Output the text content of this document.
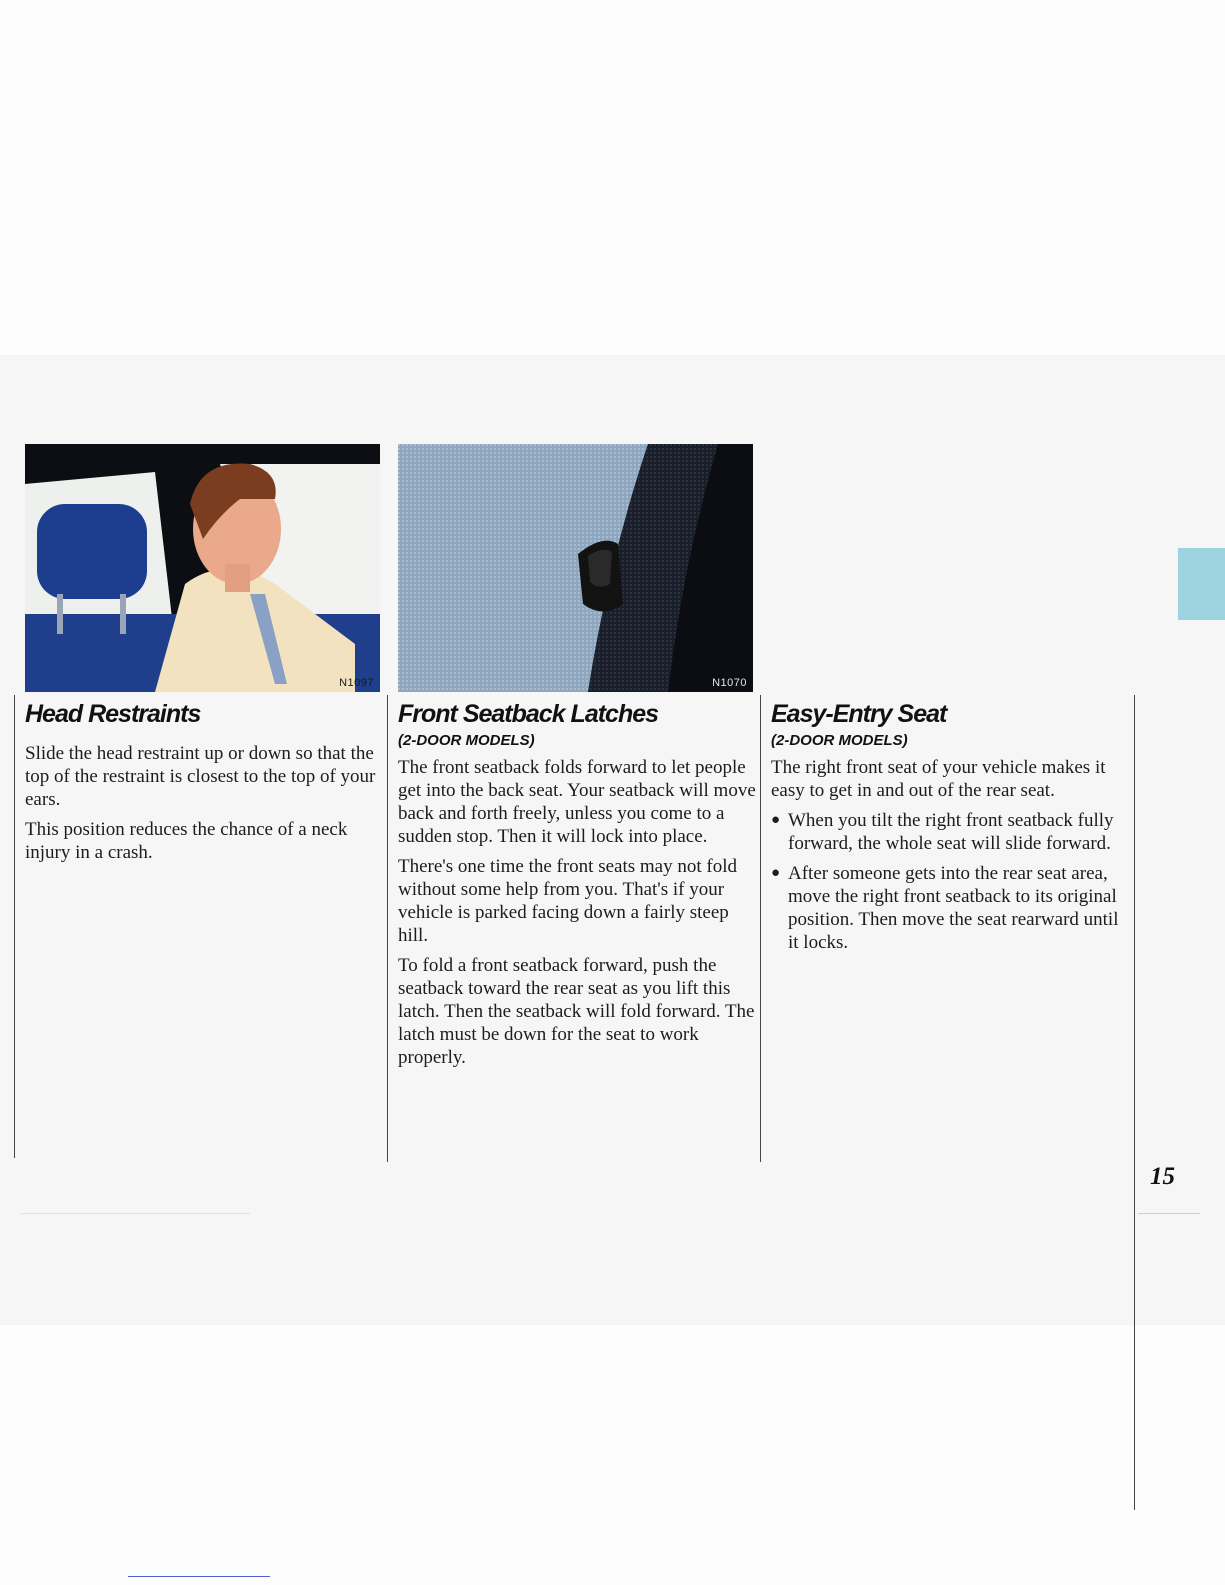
N1097
Head Restraints

Slide the head restraint up or down so that the top of the restraint is closest to the top of your ears.

This position reduces the chance of a neck injury in a crash.

N1070
Front Seatback Latches
(2-DOOR MODELS)

The front seatback folds forward to let people get into the back seat. Your seatback will move back and forth freely, unless you come to a sudden stop. Then it will lock into place.

There's one time the front seats may not fold without some help from you. That's if your vehicle is parked facing down a fairly steep hill.

To fold a front seatback forward, push the seatback toward the rear seat as you lift this latch. Then the seatback will fold forward. The latch must be down for the seat to work properly.

Easy-Entry Seat
(2-DOOR MODELS)

The right front seat of your vehicle makes it easy to get in and out of the rear seat.

● When you tilt the right front seatback fully forward, the whole seat will slide forward.
● After someone gets into the rear seat area, move the right front seatback to its original position. Then move the seat rearward until it locks.
15
